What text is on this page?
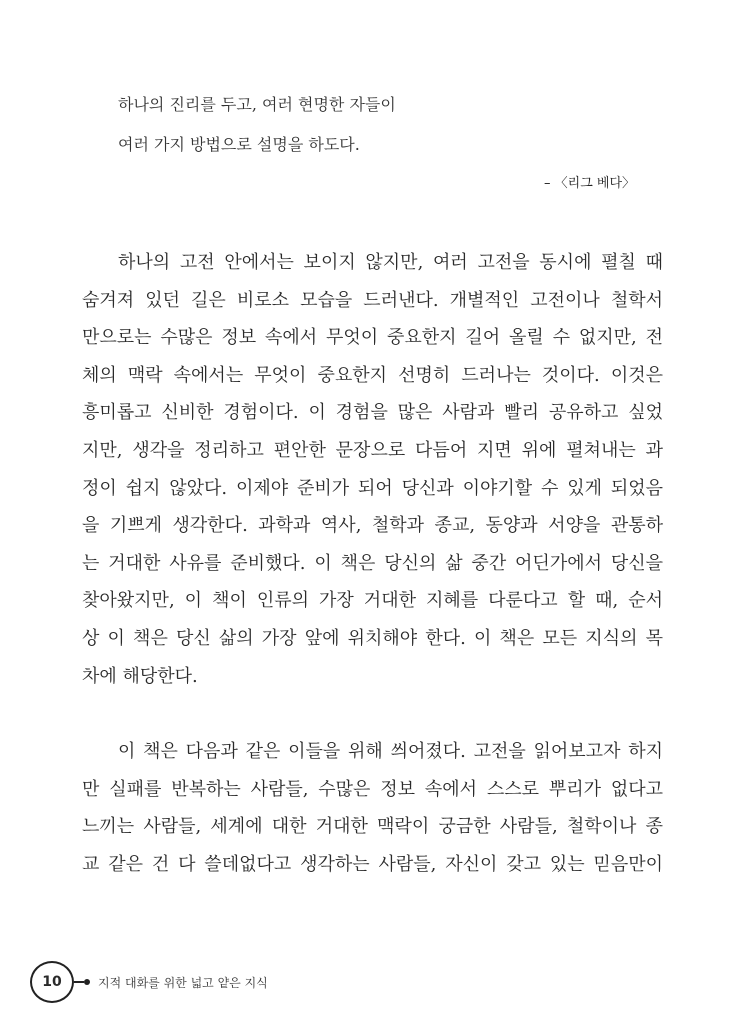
하나의 진리를 두고, 여러 현명한 자들이
여러 가지 방법으로 설명을 하도다.
– 〈리그 베다〉
하나의 고전 안에서는 보이지 않지만, 여러 고전을 동시에 펼칠 때
숨겨져 있던 길은 비로소 모습을 드러낸다. 개별적인 고전이나 철학서
만으로는 수많은 정보 속에서 무엇이 중요한지 길어 올릴 수 없지만, 전
체의 맥락 속에서는 무엇이 중요한지 선명히 드러나는 것이다. 이것은
흥미롭고 신비한 경험이다. 이 경험을 많은 사람과 빨리 공유하고 싶었
지만, 생각을 정리하고 편안한 문장으로 다듬어 지면 위에 펼쳐내는 과
정이 쉽지 않았다. 이제야 준비가 되어 당신과 이야기할 수 있게 되었음
을 기쁘게 생각한다. 과학과 역사, 철학과 종교, 동양과 서양을 관통하
는 거대한 사유를 준비했다. 이 책은 당신의 삶 중간 어딘가에서 당신을
찾아왔지만, 이 책이 인류의 가장 거대한 지혜를 다룬다고 할 때, 순서
상 이 책은 당신 삶의 가장 앞에 위치해야 한다. 이 책은 모든 지식의 목
차에 해당한다.
이 책은 다음과 같은 이들을 위해 씌어졌다. 고전을 읽어보고자 하지
만 실패를 반복하는 사람들, 수많은 정보 속에서 스스로 뿌리가 없다고
느끼는 사람들, 세계에 대한 거대한 맥락이 궁금한 사람들, 철학이나 종
교 같은 건 다 쓸데없다고 생각하는 사람들, 자신이 갖고 있는 믿음만이
10	지적 대화를 위한 넓고 얕은 지식
